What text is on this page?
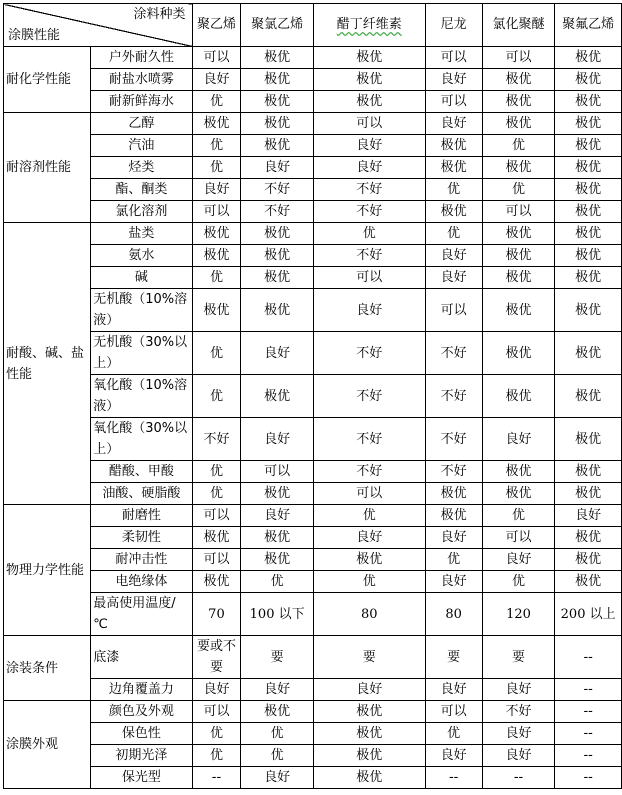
涂料种类
涂膜性能		聚乙烯	聚氯乙烯	醋丁纤维素	尼龙	氯化聚醚	聚氟乙烯
耐化学性能	户外耐久性	可以	极优	极优	可以	可以	极优
	耐盐水喷雾	良好	极优	极优	良好	极优	极优
	耐新鲜海水	优	极优	极优	可以	极优	极优
耐溶剂性能	乙醇	极优	极优	可以	良好	极优	极优
	汽油	优	极优	良好	极优	优	极优
	烃类	优	良好	良好	极优	极优	极优
	酯、酮类	良好	不好	不好	优	优	极优
	氯化溶剂	可以	不好	不好	极优	可以	极优
耐酸、碱、盐性能	盐类	极优	极优	优	优	极优	极优
	氨水	极优	极优	不好	良好	极优	极优
	碱	优	极优	可以	良好	极优	极优
	无机酸（10%溶液）	极优	极优	良好	可以	极优	极优
	无机酸（30%以上）	优	良好	不好	不好	极优	极优
	氧化酸（10%溶液）	优	极优	不好	不好	极优	极优
	氧化酸（30%以上）	不好	良好	不好	不好	良好	极优
	醋酸、甲酸	优	可以	不好	不好	极优	极优
	油酸、硬脂酸	优	极优	可以	极优	极优	极优
物理力学性能	耐磨性	可以	良好	优	极优	优	良好
	柔韧性	极优	极优	良好	良好	可以	极优
	耐冲击性	可以	极优	极优	优	良好	极优
	电绝缘体	极优	优	优	良好	优	极优
	最高使用温度/℃	70	100 以下	80	80	120	200 以上
涂装条件	底漆	要或不要	要	要	要	要	--
	边角覆盖力	良好	良好	良好	良好	良好	--
涂膜外观	颜色及外观	可以	极优	极优	可以	不好	--
	保色性	优	优	极优	优	良好	--
	初期光泽	优	优	极优	良好	良好	--
	保光型	--	良好	极优	--	--	--
